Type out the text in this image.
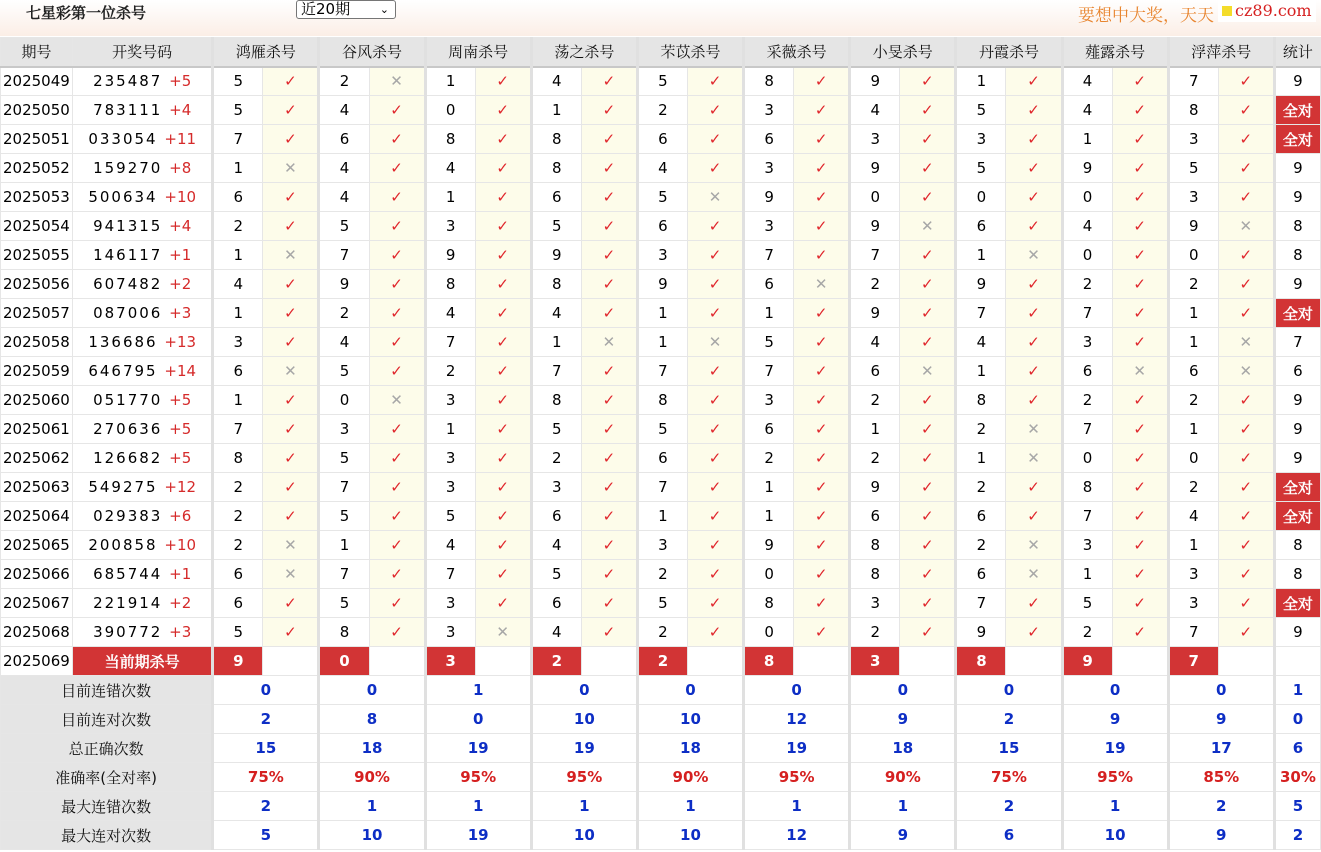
七星彩第一位杀号	近20期	⌄	要想中大奖，天天	cz89.com
期号	开奖号码	鸿雁杀号		谷风杀号		周南杀号		荡之杀号		芣苡杀号		采薇杀号		小旻杀号		丹霞杀号		薤露杀号		浮萍杀号		统计
2025049	235487 +5	5	✓	2	✕	1	✓	4	✓	5	✓	8	✓	9	✓	1	✓	4	✓	7	✓	9
2025050	783111 +4	5	✓	4	✓	0	✓	1	✓	2	✓	3	✓	4	✓	5	✓	4	✓	8	✓	全对
2025051	033054 +11	7	✓	6	✓	8	✓	8	✓	6	✓	6	✓	3	✓	3	✓	1	✓	3	✓	全对
2025052	159270 +8	1	✕	4	✓	4	✓	8	✓	4	✓	3	✓	9	✓	5	✓	9	✓	5	✓	9
2025053	500634 +10	6	✓	4	✓	1	✓	6	✓	5	✕	9	✓	0	✓	0	✓	0	✓	3	✓	9
2025054	941315 +4	2	✓	5	✓	3	✓	5	✓	6	✓	3	✓	9	✕	6	✓	4	✓	9	✕	8
2025055	146117 +1	1	✕	7	✓	9	✓	9	✓	3	✓	7	✓	7	✓	1	✕	0	✓	0	✓	8
2025056	607482 +2	4	✓	9	✓	8	✓	8	✓	9	✓	6	✕	2	✓	9	✓	2	✓	2	✓	9
2025057	087006 +3	1	✓	2	✓	4	✓	4	✓	1	✓	1	✓	9	✓	7	✓	7	✓	1	✓	全对
2025058	136686 +13	3	✓	4	✓	7	✓	1	✕	1	✕	5	✓	4	✓	4	✓	3	✓	1	✕	7
2025059	646795 +14	6	✕	5	✓	2	✓	7	✓	7	✓	7	✓	6	✕	1	✓	6	✕	6	✕	6
2025060	051770 +5	1	✓	0	✕	3	✓	8	✓	8	✓	3	✓	2	✓	8	✓	2	✓	2	✓	9
2025061	270636 +5	7	✓	3	✓	1	✓	5	✓	5	✓	6	✓	1	✓	2	✕	7	✓	1	✓	9
2025062	126682 +5	8	✓	5	✓	3	✓	2	✓	6	✓	2	✓	2	✓	1	✕	0	✓	0	✓	9
2025063	549275 +12	2	✓	7	✓	3	✓	3	✓	7	✓	1	✓	9	✓	2	✓	8	✓	2	✓	全对
2025064	029383 +6	2	✓	5	✓	5	✓	6	✓	1	✓	1	✓	6	✓	6	✓	7	✓	4	✓	全对
2025065	200858 +10	2	✕	1	✓	4	✓	4	✓	3	✓	9	✓	8	✓	2	✕	3	✓	1	✓	8
2025066	685744 +1	6	✕	7	✓	7	✓	5	✓	2	✓	0	✓	8	✓	6	✕	1	✓	3	✓	8
2025067	221914 +2	6	✓	5	✓	3	✓	6	✓	5	✓	8	✓	3	✓	7	✓	5	✓	3	✓	全对
2025068	390772 +3	5	✓	8	✓	3	✕	4	✓	2	✓	0	✓	2	✓	9	✓	2	✓	7	✓	9
2025069	当前期杀号	9		0		3		2		2		8		3		8		9		7		
目前连错次数		0		0		1		0		0		0		0		0		0		0		1
目前连对次数		2		8		0		10		10		12		9		2		9		9		0
总正确次数		15		18		19		19		18		19		18		15		19		17		6
准确率(全对率)		75%		90%		95%		95%		90%		95%		90%		75%		95%		85%		30%
最大连错次数		2		1		1		1		1		1		1		2		1		2		5
最大连对次数		5		10		19		10		10		12		9		6		10		9		2
